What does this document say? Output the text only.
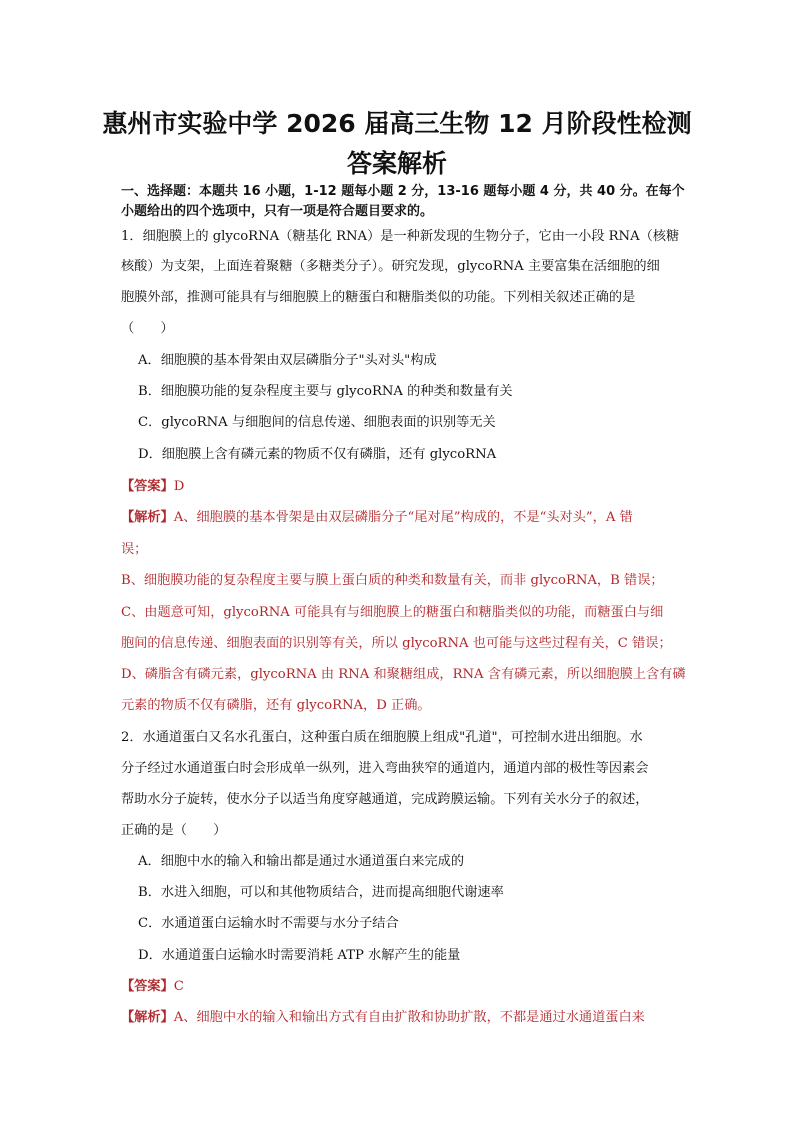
惠州市实验中学 2026 届高三生物 12 月阶段性检测
答案解析
一、选择题：本题共 16 小题，1-12 题每小题 2 分，13-16 题每小题 4 分，共 40 分。在每个
小题给出的四个选项中，只有一项是符合题目要求的。
1．细胞膜上的 glycoRNA（糖基化 RNA）是一种新发现的生物分子，它由一小段 RNA（核糖
核酸）为支架，上面连着聚糖（多糖类分子）。研究发现，glycoRNA 主要富集在活细胞的细
胞膜外部，推测可能具有与细胞膜上的糖蛋白和糖脂类似的功能。下列相关叙述正确的是
（　　）
A．细胞膜的基本骨架由双层磷脂分子"头对头"构成
B．细胞膜功能的复杂程度主要与 glycoRNA 的种类和数量有关
C．glycoRNA 与细胞间的信息传递、细胞表面的识别等无关
D．细胞膜上含有磷元素的物质不仅有磷脂，还有 glycoRNA
【答案】D
【解析】A、细胞膜的基本骨架是由双层磷脂分子“尾对尾”构成的，不是“头对头”，A 错
误；
B、细胞膜功能的复杂程度主要与膜上蛋白质的种类和数量有关，而非 glycoRNA，B 错误；
C、由题意可知，glycoRNA 可能具有与细胞膜上的糖蛋白和糖脂类似的功能，而糖蛋白与细
胞间的信息传递、细胞表面的识别等有关，所以 glycoRNA 也可能与这些过程有关，C 错误；
D、磷脂含有磷元素，glycoRNA 由 RNA 和聚糖组成，RNA 含有磷元素，所以细胞膜上含有磷
元素的物质不仅有磷脂，还有 glycoRNA，D 正确。
2．水通道蛋白又名水孔蛋白，这种蛋白质在细胞膜上组成"孔道"，可控制水进出细胞。水
分子经过水通道蛋白时会形成单一纵列，进入弯曲狭窄的通道内，通道内部的极性等因素会
帮助水分子旋转，使水分子以适当角度穿越通道，完成跨膜运输。下列有关水分子的叙述，
正确的是（　　）
A．细胞中水的输入和输出都是通过水通道蛋白来完成的
B．水进入细胞，可以和其他物质结合，进而提高细胞代谢速率
C．水通道蛋白运输水时不需要与水分子结合
D．水通道蛋白运输水时需要消耗 ATP 水解产生的能量
【答案】C
【解析】A、细胞中水的输入和输出方式有自由扩散和协助扩散，不都是通过水通道蛋白来
